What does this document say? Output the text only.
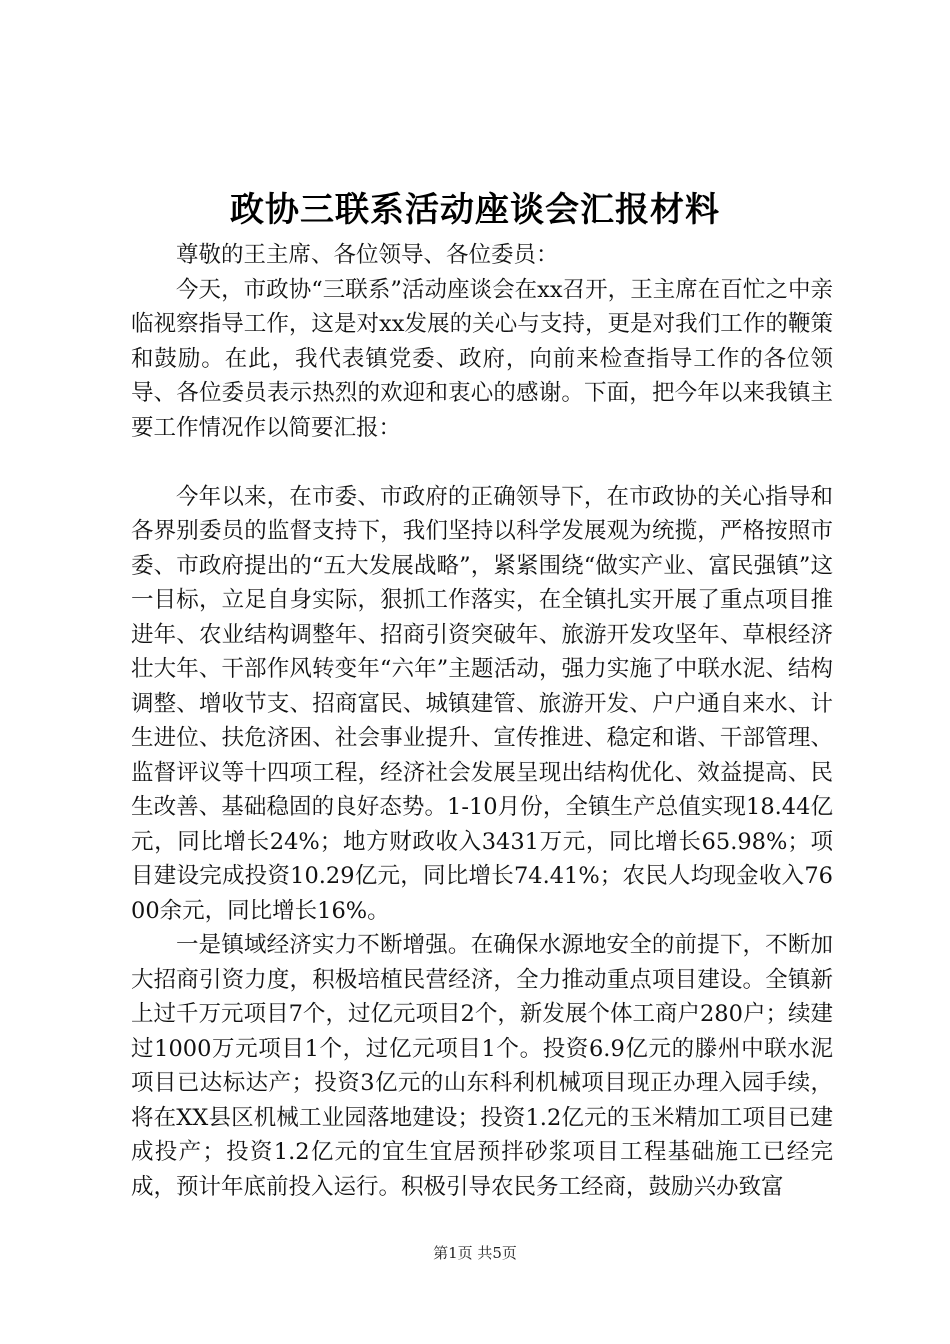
政协三联系活动座谈会汇报材料

尊敬的王主席、各位领导、各位委员：

今天，市政协“三联系”活动座谈会在xx召开，王主席在百忙之中亲临视察指导工作，这是对xx发展的关心与支持，更是对我们工作的鞭策和鼓励。在此，我代表镇党委、政府，向前来检查指导工作的各位领导、各位委员表示热烈的欢迎和衷心的感谢。下面，把今年以来我镇主要工作情况作以简要汇报：

今年以来，在市委、市政府的正确领导下，在市政协的关心指导和各界别委员的监督支持下，我们坚持以科学发展观为统揽，严格按照市委、市政府提出的“五大发展战略”，紧紧围绕“做实产业、富民强镇”这一目标，立足自身实际，狠抓工作落实，在全镇扎实开展了重点项目推进年、农业结构调整年、招商引资突破年、旅游开发攻坚年、草根经济壮大年、干部作风转变年“六年”主题活动，强力实施了中联水泥、结构调整、增收节支、招商富民、城镇建管、旅游开发、户户通自来水、计生进位、扶危济困、社会事业提升、宣传推进、稳定和谐、干部管理、监督评议等十四项工程，经济社会发展呈现出结构优化、效益提高、民生改善、基础稳固的良好态势。1-10月份，全镇生产总值实现18.44亿元，同比增长24%；地方财政收入3431万元，同比增长65.98%；项目建设完成投资10.29亿元，同比增长74.41%；农民人均现金收入7600余元，同比增长16%。

一是镇域经济实力不断增强。在确保水源地安全的前提下，不断加大招商引资力度，积极培植民营经济，全力推动重点项目建设。全镇新上过千万元项目7个，过亿元项目2个，新发展个体工商户280户；续建过1000万元项目1个，过亿元项目1个。投资6.9亿元的滕州中联水泥项目已达标达产；投资3亿元的山东科利机械项目现正办理入园手续，将在XX县区机械工业园落地建设；投资1.2亿元的玉米精加工项目已建成投产；投资1.2亿元的宜生宜居预拌砂浆项目工程基础施工已经完成，预计年底前投入运行。积极引导农民务工经商，鼓励兴办致富

第1页 共5页
